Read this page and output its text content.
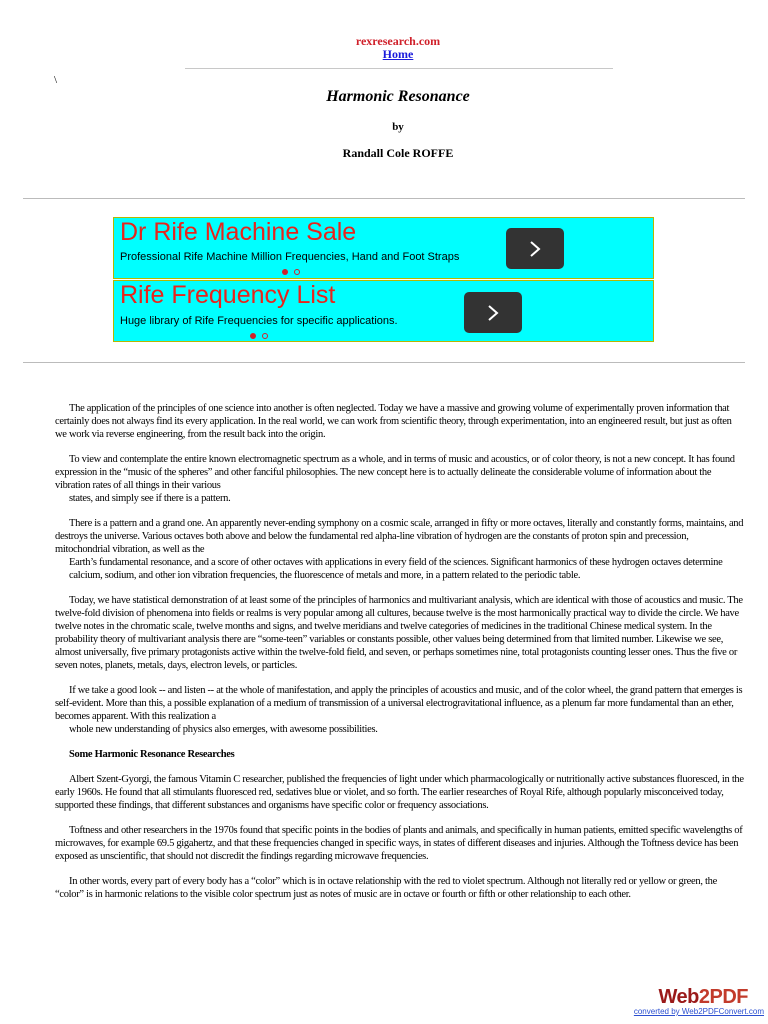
rexresearch.com
Home
\
Harmonic Resonance
by
Randall Cole ROFFE
Dr Rife Machine Sale
Professional Rife Machine Million Frequencies, Hand and Foot Straps
Rife Frequency List
Huge library of Rife Frequencies for specific applications.

The application of the principles of one science into another is often neglected. Today we have a massive and growing volume of experimentally proven information that certainly does not always find its every application. In the real world, we can work from scientific theory, through experimentation, into an engineered result, but just as often we work via reverse engineering, from the result back into the origin.

To view and contemplate the entire known electromagnetic spectrum as a whole, and in terms of music and acoustics, or of color theory, is not a new concept. It has found expression in the “music of the spheres” and other fanciful philosophies. The new concept here is to actually delineate the considerable volume of information about the vibration rates of all things in their various

states, and simply see if there is a pattern.

There is a pattern and a grand one. An apparently never-ending symphony on a cosmic scale, arranged in fifty or more octaves, literally and constantly forms, maintains, and destroys the universe. Various octaves both above and below the fundamental red alpha-line vibration of hydrogen are the constants of proton spin and precession, mitochondrial vibration, as well as the

Earth’s fundamental resonance, and a score of other octaves with applications in every field of the sciences. Significant harmonics of these hydrogen octaves determine calcium, sodium, and other ion vibration frequencies, the fluorescence of metals and more, in a pattern related to the periodic table.

Today, we have statistical demonstration of at least some of the principles of harmonics and multivariant analysis, which are identical with those of acoustics and music. The twelve-fold division of phenomena into fields or realms is very popular among all cultures, because twelve is the most harmonically practical way to divide the circle. We have twelve notes in the chromatic scale, twelve months and signs, and twelve meridians and twelve categories of medicines in the traditional Chinese medical system. In the probability theory of multivariant analysis there are “some-teen” variables or constants possible, other values being determined from that limited number. Likewise we see, almost universally, five primary protagonists active within the twelve-fold field, and seven, or perhaps sometimes nine, total protagonists counting lesser ones. Thus the five or seven notes, planets, metals, days, electron levels, or particles.

If we take a good look -- and listen -- at the whole of manifestation, and apply the principles of acoustics and music, and of the color wheel, the grand pattern that emerges is self-evident. More than this, a possible explanation of a medium of transmission of a universal electrogravitational influence, as a plenum far more fundamental than an ether, becomes apparent. With this realization a

whole new understanding of physics also emerges, with awesome possibilities.

Some Harmonic Resonance Researches

Albert Szent-Gyorgi, the famous Vitamin C researcher, published the frequencies of light under which pharmacologically or nutritionally active substances fluoresced, in the early 1960s. He found that all stimulants fluoresced red, sedatives blue or violet, and so forth. The earlier researches of Royal Rife, although popularly misconceived today, supported these findings, that different substances and organisms have specific color or frequency associations.

Toftness and other researchers in the 1970s found that specific points in the bodies of plants and animals, and specifically in human patients, emitted specific wavelengths of microwaves, for example 69.5 gigahertz, and that these frequencies changed in specific ways, in states of different diseases and injuries. Although the Toftness device has been exposed as unscientific, that should not discredit the findings regarding microwave frequencies.

In other words, every part of every body has a “color” which is in octave relationship with the red to violet spectrum. Although not literally red or yellow or green, the “color” is in harmonic relations to the visible color spectrum just as notes of music are in octave or fourth or fifth or other relationship to each other.

Web2PDF
converted by Web2PDFConvert.com
